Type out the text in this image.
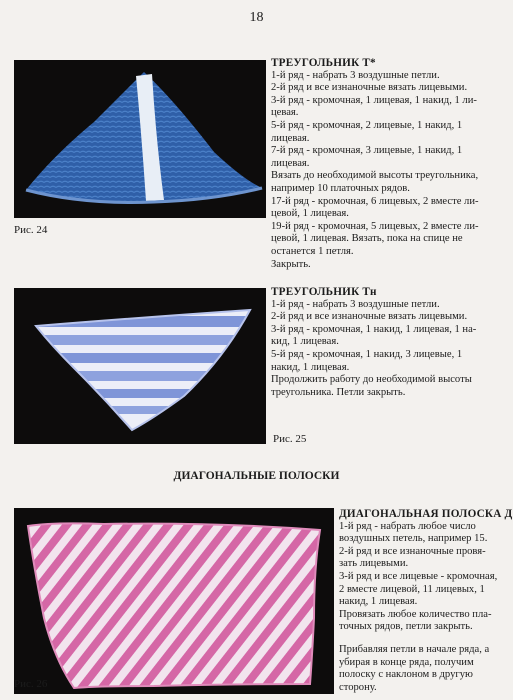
18
Рис. 24
ТРЕУГОЛЬНИК Т*
1-й ряд - набрать 3 воздушные петли.
2-й ряд и все изнаночные вязать лицевыми.
3-й ряд - кромочная, 1 лицевая, 1 накид, 1 ли-
цевая.
5-й ряд - кромочная, 2 лицевые, 1 накид, 1
лицевая.
7-й ряд - кромочная, 3 лицевые, 1 накид, 1
лицевая.
Вязать до необходимой высоты треугольника,
например 10 платочных рядов.
17-й ряд - кромочная, 6 лицевых, 2 вместе ли-
цевой, 1 лицевая.
19-й ряд - кромочная, 5 лицевых, 2 вместе ли-
цевой, 1 лицевая. Вязать, пока на спице не
останется 1 петля.
Закрыть.
Рис. 25
ТРЕУГОЛЬНИК Тн
1-й ряд - набрать 3 воздушные петли.
2-й ряд и все изнаночные вязать лицевыми.
3-й ряд - кромочная, 1 накид, 1 лицевая, 1 на-
кид, 1 лицевая.
5-й ряд - кромочная, 1 накид, 3 лицевые, 1
накид, 1 лицевая.
Продолжить работу до необходимой высоты
треугольника. Петли закрыть.
ДИАГОНАЛЬНЫЕ ПОЛОСКИ
Рис. 26
ДИАГОНАЛЬНАЯ ПОЛОСКА Д
1-й ряд - набрать любое число
воздушных петель, например 15.
2-й ряд и все изнаночные провя-
зать лицевыми.
3-й ряд и все лицевые - кромочная,
2 вместе лицевой, 11 лицевых, 1
накид, 1 лицевая.
Провязать любое количество пла-
точных рядов, петли закрыть.
Прибавляя петли в начале ряда, а
убирая в конце ряда, получим
полоску с наклоном в другую
сторону.
